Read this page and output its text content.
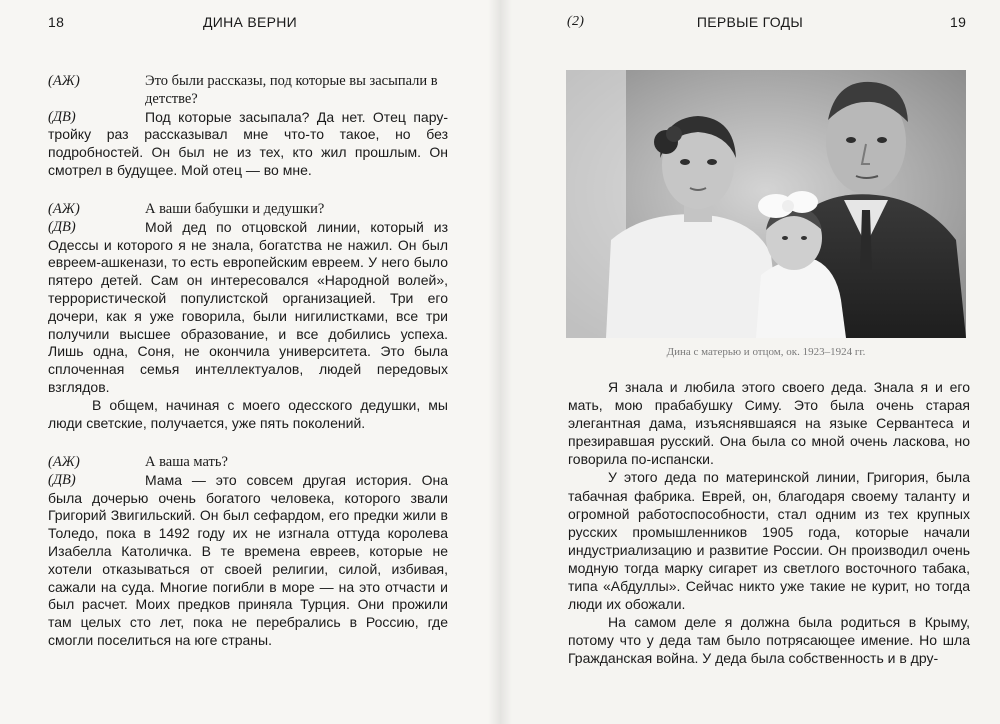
18	ДИНА ВЕРНИ
(АЖ)	Это были рассказы, под которые вы засыпали в детстве?
(ДВ)	Под которые засыпала? Да нет. Отец пару-тройку раз рассказывал мне что-то такое, но без подробностей. Он был не из тех, кто жил прошлым. Он смотрел в будущее. Мой отец — во мне.
(АЖ)	А ваши бабушки и дедушки?
(ДВ)	Мой дед по отцовской линии, который из Одессы и которого я не знала, богатства не нажил. Он был евреем-ашкенази, то есть европейским евреем. У него было пятеро детей. Сам он интересовался «Народной волей», террористической популистской организацией. Три его дочери, как я уже говорила, были нигилистками, все три получили высшее образование, и все добились успеха. Лишь одна, Соня, не окончила университета. Это была сплоченная семья интеллектуалов, людей передовых взглядов.
В общем, начиная с моего одесского дедушки, мы люди светские, получается, уже пять поколений.
(АЖ)	А ваша мать?
(ДВ)	Мама — это совсем другая история. Она была дочерью очень богатого человека, которого звали Григорий Звигильский. Он был сефардом, его предки жили в Толедо, пока в 1492 году их не изгнала оттуда королева Изабелла Католичка. В те времена евреев, которые не хотели отказываться от своей религии, силой, избивая, сажали на суда. Многие погибли в море — на это отчасти и был расчет. Моих предков приняла Турция. Они прожили там целых сто лет, пока не перебрались в Россию, где смогли поселиться на юге страны.
(2)	ПЕРВЫЕ ГОДЫ	19
Дина с матерью и отцом, ок. 1923–1924 гг.

Я знала и любила этого своего деда. Знала я и его мать, мою прабабушку Симу. Это была очень старая элегантная дама, изъяснявшаяся на языке Сервантеса и презиравшая русский. Она была со мной очень ласкова, но говорила по-испански.

У этого деда по материнской линии, Григория, была табачная фабрика. Еврей, он, благодаря своему таланту и огромной работоспособности, стал одним из тех крупных русских промышленников 1905 года, которые начали индустриализацию и развитие России. Он производил очень модную тогда марку сигарет из светлого восточного табака, типа «Абдуллы». Сейчас никто уже такие не курит, но тогда люди их обожали.

На самом деле я должна была родиться в Крыму, потому что у деда там было потрясающее имение. Но шла Гражданская война. У деда была собственность и в дру-
